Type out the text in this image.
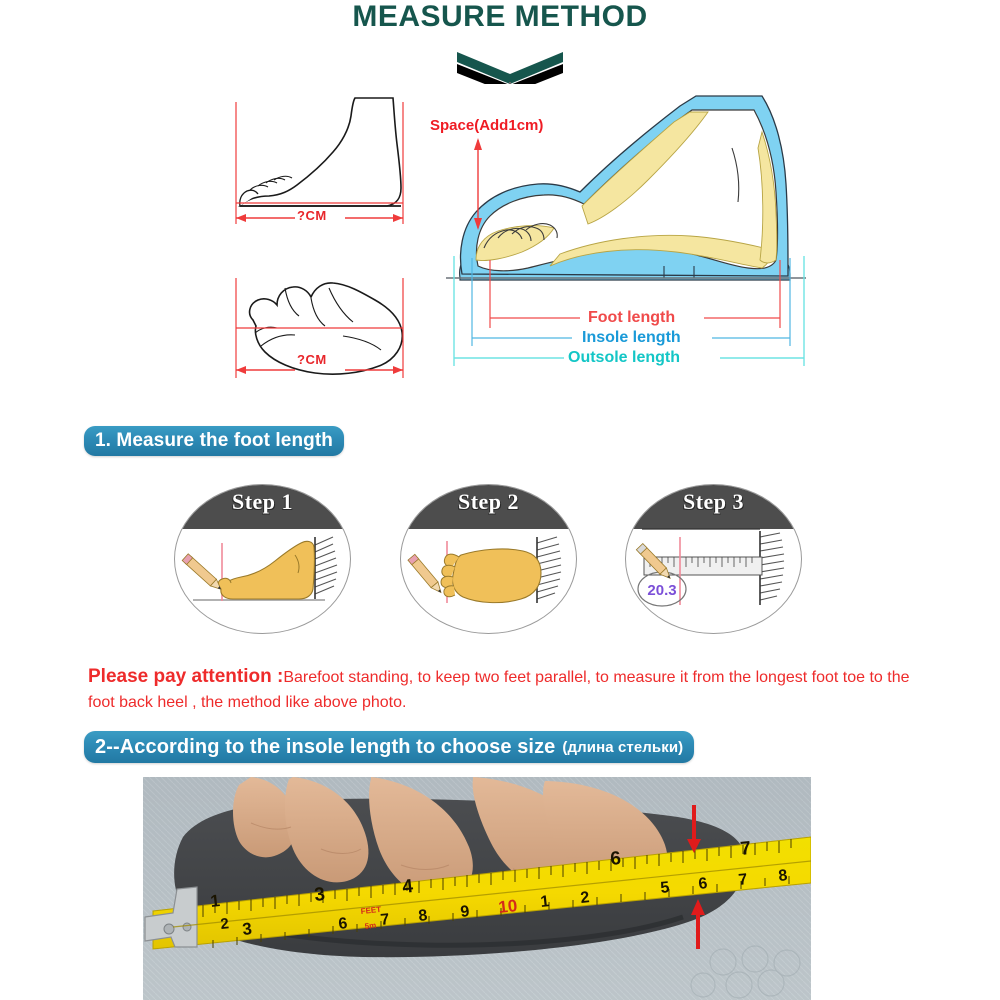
MEASURE METHOD
?CM
?CM
Space(Add1cm)
Foot length
Insole length
Outsole length
1. Measure the foot length
Step 1	Step 2
20.3
Step 3
Please pay attention :Barefoot standing, to keep two feet parallel, to measure it from the longest foot toe to the foot back heel , the method like above photo.
2--According to the insole length to choose size (длина стельки)
1
2 3
3	4
6	7
6 7 8 9 10 1 2
5 6 7 8
5m
FEET
